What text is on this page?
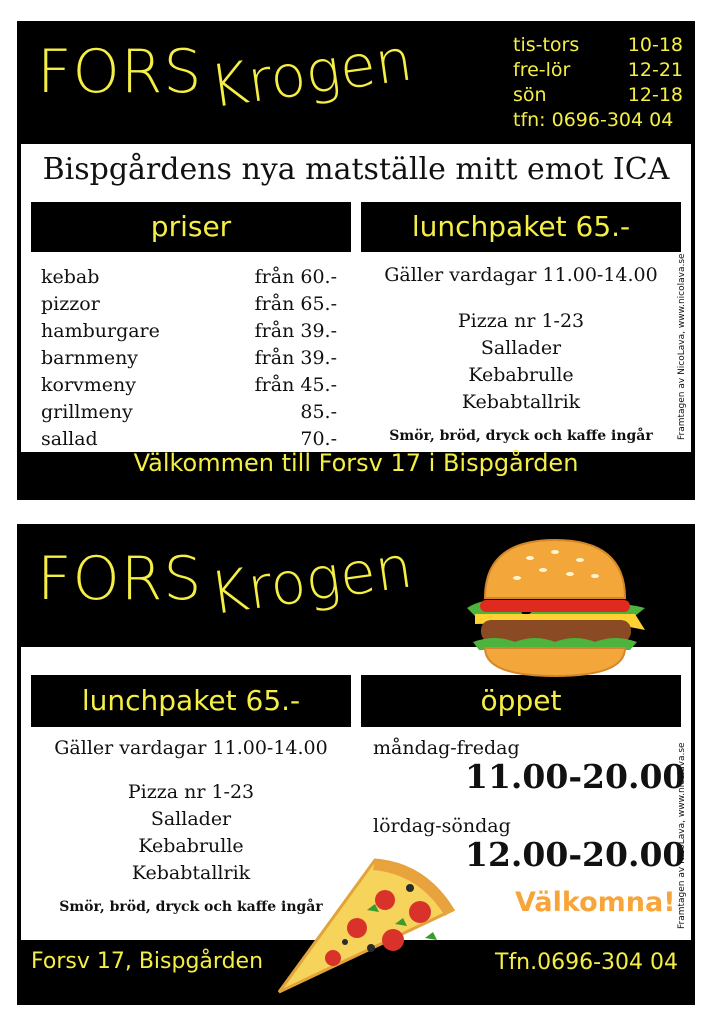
FORS Krogen	tis-tors	10-18
fre-lör	12-21
sön	12-18
tfn: 0696-304 04
Bispgårdens nya matställe mitt emot ICA
priser	lunchpaket 65.-
kebab	från 60.-
pizzor	från 65.-
hamburgare	från 39.-
barnmeny	från 39.-
korvmeny	från 45.-
grillmeny	85.-
sallad	70.-
Gäller vardagar 11.00-14.00
Pizza nr 1-23
Sallader
Kebabrulle
Kebabtallrik
Smör, bröd, dryck och kaffe ingår	Framtagen av NicoLava, www.nicolava.se
Välkommen till Forsv 17 i Bispgården
FORS Krogen
lunchpaket 65.-	öppet
Gäller vardagar 11.00-14.00
Pizza nr 1-23
Sallader
Kebabrulle
Kebabtallrik
Smör, bröd, dryck och kaffe ingår
måndag-fredag
11.00-20.00
lördag-söndag
12.00-20.00
Välkomna! Framtagen av NicoLava, www.nicolava.se
Forsv 17, Bispgården	Tfn.0696-304 04
